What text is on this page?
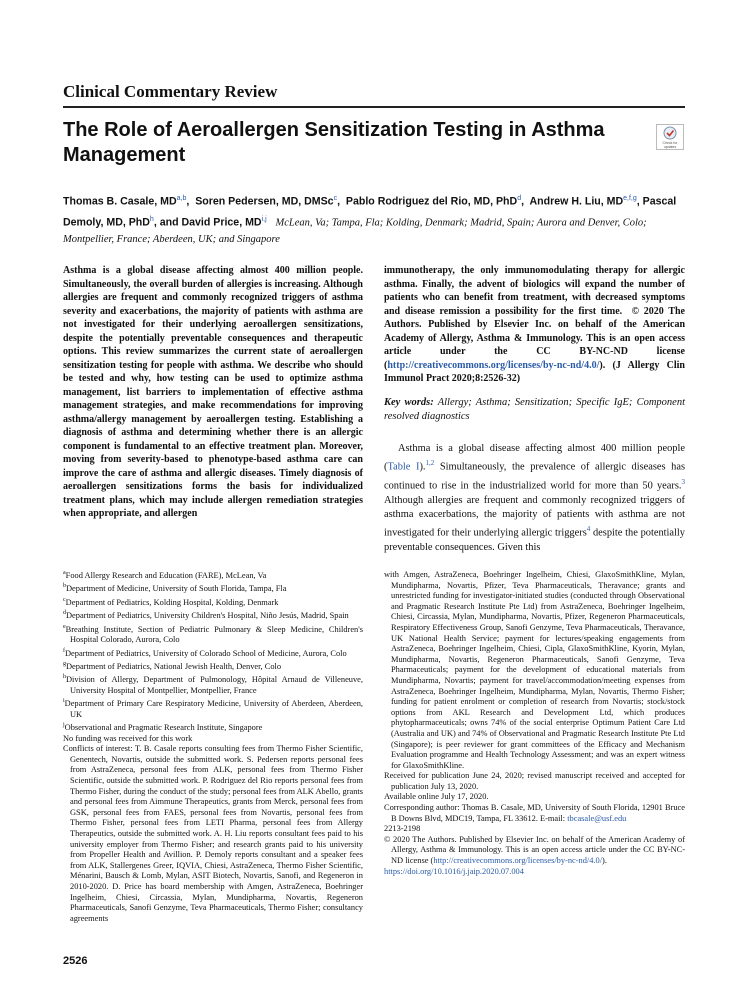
Clinical Commentary Review
The Role of Aeroallergen Sensitization Testing in Asthma Management
Check for updates
Thomas B. Casale, MD$^{a,b}$,  Soren Pedersen, MD, DMSc$^c$,  Pablo Rodriguez del Rio, MD, PhD$^d$,  Andrew H. Liu, MD$^{e,f,g}$, Pascal Demoly, MD, PhD$^h$, and David Price, MD$^{i,j}$ McLean, Va; Tampa, Fla; Kolding, Denmark; Madrid, Spain; Aurora and Denver, Colo; Montpellier, France; Aberdeen, UK; and Singapore
Asthma is a global disease affecting almost 400 million people. Simultaneously, the overall burden of allergies is increasing. Although allergies are frequent and commonly recognized triggers of asthma severity and exacerbations, the majority of patients with asthma are not investigated for their underlying aeroallergen sensitizations, despite the potentially preventable consequences and therapeutic options. This review summarizes the current state of aeroallergen sensitization testing for people with asthma. We describe who should be tested and why, how testing can be used to optimize asthma management, list barriers to implementation of effective asthma management strategies, and make recommendations for improving asthma/allergy management by aeroallergen testing. Establishing a diagnosis of asthma and determining whether there is an allergic component is fundamental to an effective treatment plan. Moreover, moving from severity-based to phenotype-based asthma care can improve the care of asthma and allergic diseases. Timely diagnosis of aeroallergen sensitizations forms the basis for individualized treatment plans, which may include allergen remediation strategies when appropriate, and allergen
immunotherapy, the only immunomodulating therapy for allergic asthma. Finally, the advent of biologics will expand the number of patients who can benefit from treatment, with decreased symptoms and disease remission a possibility for the first time.  © 2020 The Authors. Published by Elsevier Inc. on behalf of the American Academy of Allergy, Asthma & Immunology. This is an open access article under the CC BY-NC-ND license (http://creativecommons.org/licenses/by-nc-nd/4.0/). (J Allergy Clin Immunol Pract 2020;8:2526-32)
Key words: Allergy; Asthma; Sensitization; Specific IgE; Component resolved diagnostics
Asthma is a global disease affecting almost 400 million people (Table I).$^{1,2}$ Simultaneously, the prevalence of allergic diseases has continued to rise in the industrialized world for more than 50 years.$^3$ Although allergies are frequent and commonly recognized triggers of asthma exacerbations, the majority of patients with asthma are not investigated for their underlying allergic triggers$^4$ despite the potentially preventable consequences. Given this

$^a$Food Allergy Research and Education (FARE), McLean, Va

$^b$Department of Medicine, University of South Florida, Tampa, Fla

$^c$Department of Pediatrics, Kolding Hospital, Kolding, Denmark

$^d$Department of Pediatrics, University Children's Hospital, Niño Jesús, Madrid, Spain

$^e$Breathing Institute, Section of Pediatric Pulmonary & Sleep Medicine, Children's Hospital Colorado, Aurora, Colo

$^f$Department of Pediatrics, University of Colorado School of Medicine, Aurora, Colo

$^g$Department of Pediatrics, National Jewish Health, Denver, Colo

$^h$Division of Allergy, Department of Pulmonology, Hôpital Arnaud de Villeneuve, University Hospital of Montpellier, Montpellier, France

$^i$Department of Primary Care Respiratory Medicine, University of Aberdeen, Aberdeen, UK

$^j$Observational and Pragmatic Research Institute, Singapore

No funding was received for this work

Conflicts of interest: T. B. Casale reports consulting fees from Thermo Fisher Scientific, Genentech, Novartis, outside the submitted work. S. Pedersen reports personal fees from AstraZeneca, personal fees from ALK, personal fees from Thermo Fisher Scientific, outside the submitted work. P. Rodriguez del Rio reports personal fees from Thermo Fisher, during the conduct of the study; personal fees from ALK Abello, grants and personal fees from Aimmune Therapeutics, grants from Merck, personal fees from GSK, personal fees from FAES, personal fees from Novartis, personal fees from Thermo Fisher, personal fees from LETI Pharma, personal fees from Allergy Therapeutics, outside the submitted work. A. H. Liu reports consultant fees paid to his university employer from Thermo Fisher; and research grants paid to his university from Propeller Health and Avillion. P. Demoly reports consultant and a speaker fees from ALK, Stallergenes Greer, IQVIA, Chiesi, AstraZeneca, Thermo Fisher Scientific, Ménarini, Bausch & Lomb, Mylan, ASIT Biotech, Novartis, Sanofi, and Regeneron in 2010-2020. D. Price has board membership with Amgen, AstraZeneca, Boehringer Ingelheim, Chiesi, Circassia, Mylan, Mundipharma, Novartis, Regeneron Pharmaceuticals, Sanofi Genzyme, Teva Pharmaceuticals, Thermo Fisher; consultancy agreements

with Amgen, AstraZeneca, Boehringer Ingelheim, Chiesi, GlaxoSmithKline, Mylan, Mundipharma, Novartis, Pfizer, Teva Pharmaceuticals, Theravance; grants and unrestricted funding for investigator-initiated studies (conducted through Observational and Pragmatic Research Institute Pte Ltd) from AstraZeneca, Boehringer Ingelheim, Chiesi, Circassia, Mylan, Mundipharma, Novartis, Pfizer, Regeneron Pharmaceuticals, Respiratory Effectiveness Group, Sanofi Genzyme, Teva Pharmaceuticals, Theravance, UK National Health Service; payment for lectures/speaking engagements from AstraZeneca, Boehringer Ingelheim, Chiesi, Cipla, GlaxoSmithKline, Kyorin, Mylan, Mundipharma, Novartis, Regeneron Pharmaceuticals, Sanofi Genzyme, Teva Pharmaceuticals; payment for the development of educational materials from Mundipharma, Novartis; payment for travel/accommodation/meeting expenses from AstraZeneca, Boehringer Ingelheim, Mundipharma, Mylan, Novartis, Thermo Fisher; funding for patient enrolment or completion of research from Novartis; stock/stock options from AKL Research and Development Ltd, which produces phytopharmaceuticals; owns 74% of the social enterprise Optimum Patient Care Ltd (Australia and UK) and 74% of Observational and Pragmatic Research Institute Pte Ltd (Singapore); is peer reviewer for grant committees of the Efficacy and Mechanism Evaluation programme and Health Technology Assessment; and was an expert witness for GlaxoSmithKline.

Received for publication June 24, 2020; revised manuscript received and accepted for publication July 13, 2020.

Available online July 17, 2020.

Corresponding author: Thomas B. Casale, MD, University of South Florida, 12901 Bruce B Downs Blvd, MDC19, Tampa, FL 33612. E-mail: tbcasale@usf.edu

2213-2198

© 2020 The Authors. Published by Elsevier Inc. on behalf of the American Academy of Allergy, Asthma & Immunology. This is an open access article under the CC BY-NC-ND license (http://creativecommons.org/licenses/by-nc-nd/4.0/).

https://doi.org/10.1016/j.jaip.2020.07.004

2526
